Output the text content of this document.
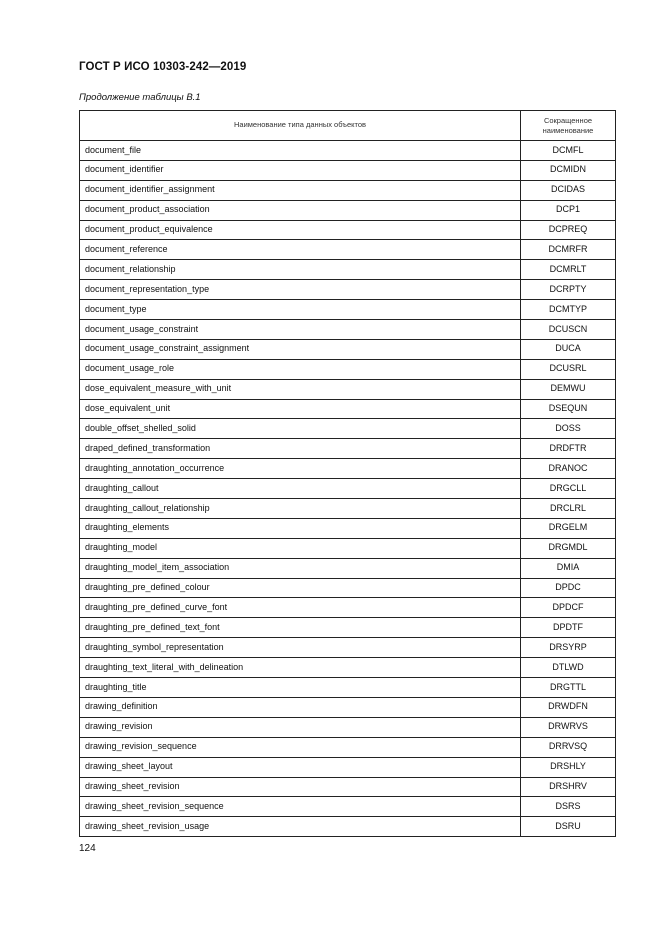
ГОСТ Р ИСО 10303-242—2019
Продолжение таблицы В.1
Наименование типа данных объектов	Сокращенное
наименование
document_file	DCMFL
document_identifier	DCMIDN
document_identifier_assignment	DCIDAS
document_product_association	DCP1
document_product_equivalence	DCPREQ
document_reference	DCMRFR
document_relationship	DCMRLT
document_representation_type	DCRPTY
document_type	DCMTYP
document_usage_constraint	DCUSCN
document_usage_constraint_assignment	DUCA
document_usage_role	DCUSRL
dose_equivalent_measure_with_unit	DEMWU
dose_equivalent_unit	DSEQUN
double_offset_shelled_solid	DOSS
draped_defined_transformation	DRDFTR
draughting_annotation_occurrence	DRANOC
draughting_callout	DRGCLL
draughting_callout_relationship	DRCLRL
draughting_elements	DRGELM
draughting_model	DRGMDL
draughting_model_item_association	DMIA
draughting_pre_defined_colour	DPDC
draughting_pre_defined_curve_font	DPDCF
draughting_pre_defined_text_font	DPDTF
draughting_symbol_representation	DRSYRP
draughting_text_literal_with_delineation	DTLWD
draughting_title	DRGTTL
drawing_definition	DRWDFN
drawing_revision	DRWRVS
drawing_revision_sequence	DRRVSQ
drawing_sheet_layout	DRSHLY
drawing_sheet_revision	DRSHRV
drawing_sheet_revision_sequence	DSRS
drawing_sheet_revision_usage	DSRU
124
